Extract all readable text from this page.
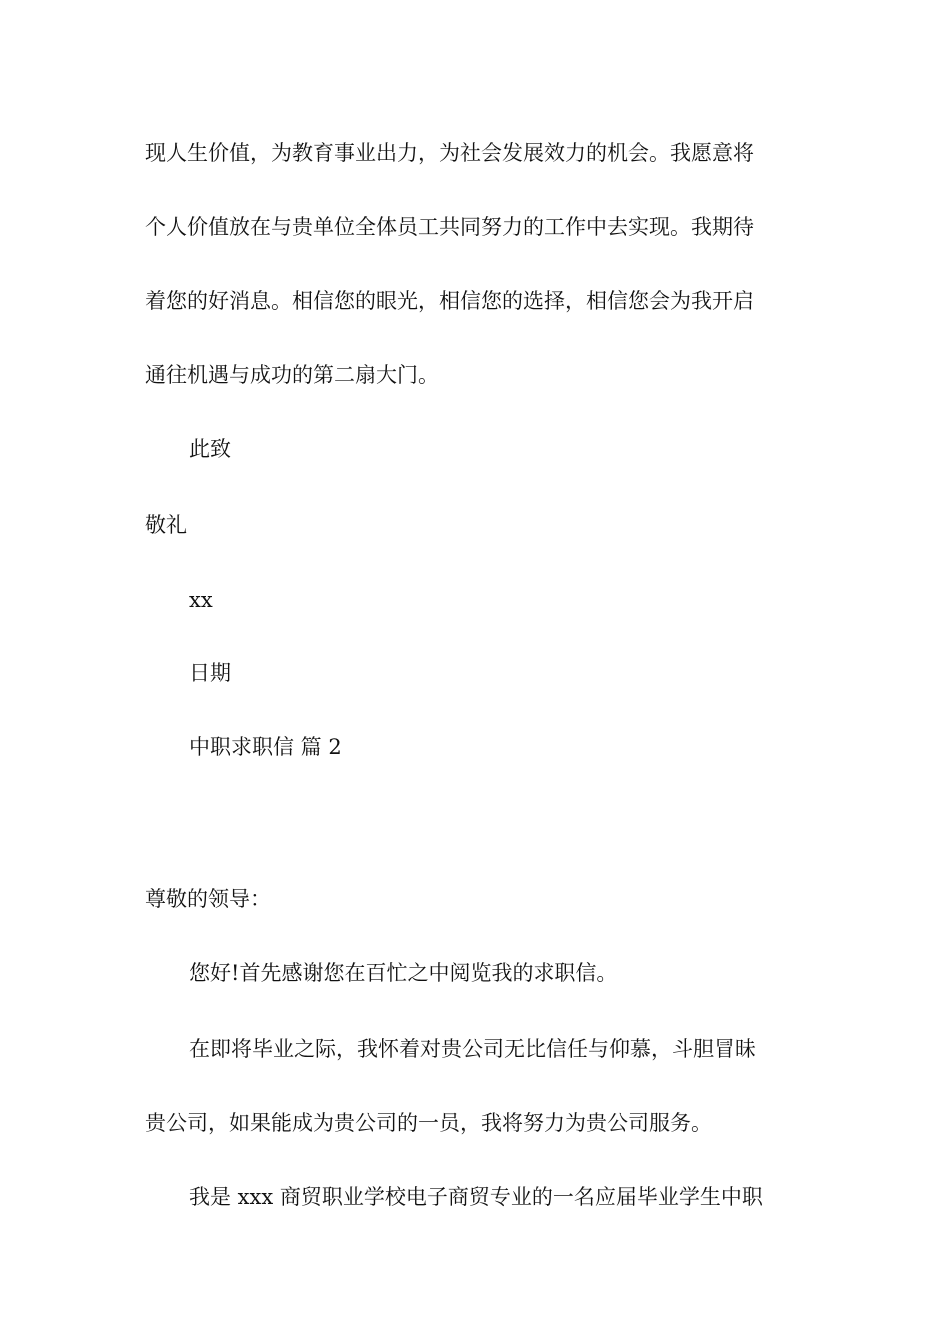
现人生价值，为教育事业出力，为社会发展效力的机会。我愿意将
个人价值放在与贵单位全体员工共同努力的工作中去实现。我期待
着您的好消息。相信您的眼光，相信您的选择，相信您会为我开启
通往机遇与成功的第二扇大门。
此致
敬礼
xx
日期
中职求职信 篇 2
尊敬的领导：
您好!首先感谢您在百忙之中阅览我的求职信。
在即将毕业之际，我怀着对贵公司无比信任与仰慕，斗胆冒昧
贵公司，如果能成为贵公司的一员，我将努力为贵公司服务。
我是 xxx 商贸职业学校电子商贸专业的一名应届毕业学生中职
